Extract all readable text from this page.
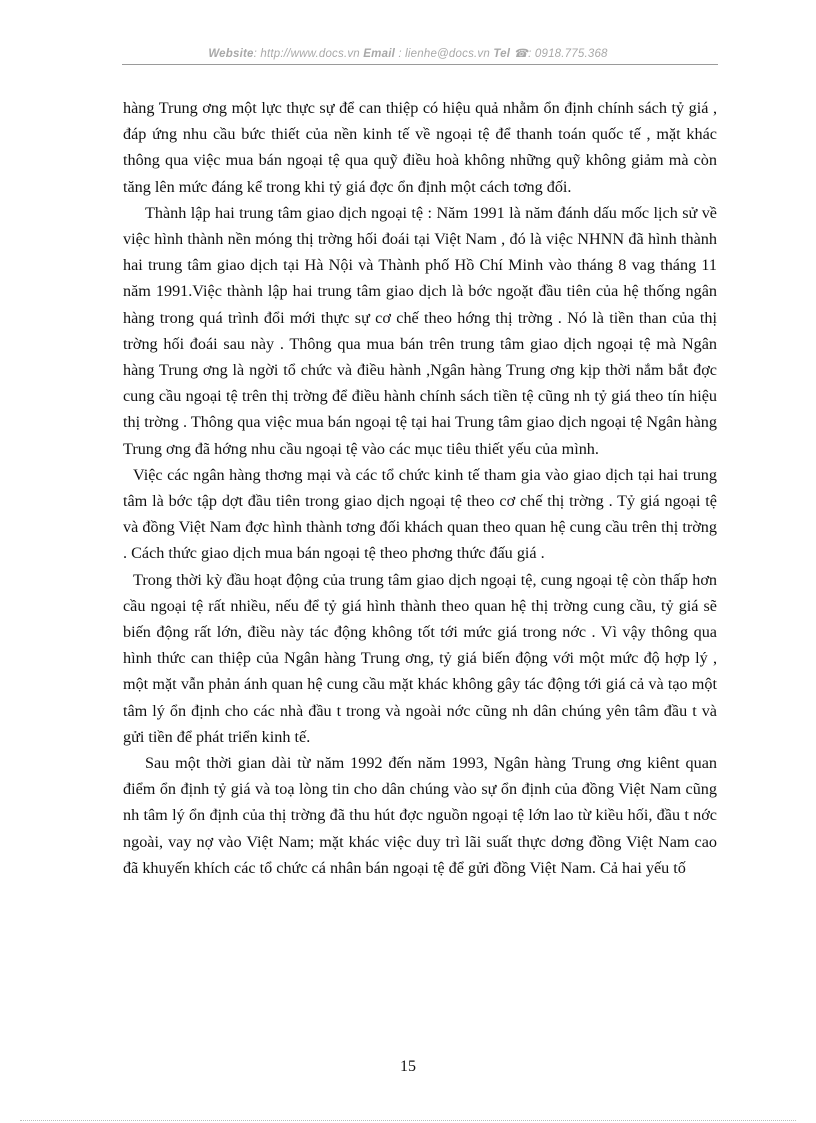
Website: http://www.docs.vn Email : lienhe@docs.vn Tel ☎: 0918.775.368

hàng Trung ơng một lực thực sự để can thiệp có hiệu quả nhằm ổn định chính sách tỷ giá , đáp ứng nhu cầu bức thiết của nền kinh tế về ngoại tệ để thanh toán quốc tế , mặt khác thông qua việc mua bán ngoại tệ qua quỹ điều hoà không những quỹ không giảm mà còn tăng lên mức đáng kể trong khi tỷ giá đợc ổn định một cách tơng đối.

Thành lập hai trung tâm giao dịch ngoại tệ : Năm 1991 là năm đánh dấu mốc lịch sử về việc hình thành nền móng thị trờng hối đoái tại Việt Nam , đó là việc NHNN đã hình thành hai trung tâm giao dịch tại Hà Nội và Thành phố Hồ Chí Minh vào tháng 8 vag tháng 11 năm 1991.Việc thành lập hai trung tâm giao dịch là bớc ngoặt đầu tiên của hệ thống ngân hàng trong quá trình đổi mới thực sự cơ chế theo hớng thị trờng . Nó là tiền than của thị trờng hối đoái sau này . Thông qua mua bán trên trung tâm giao dịch ngoại tệ mà Ngân hàng Trung ơng là ngời tổ chức và điều hành ,Ngân hàng Trung ơng kịp thời nắm bắt đợc cung cầu ngoại tệ trên thị trờng để điều hành chính sách tiền tệ cũng nh tỷ giá theo tín hiệu thị trờng . Thông qua việc mua bán ngoại tệ tại hai Trung tâm giao dịch ngoại tệ Ngân hàng Trung ơng đã hớng nhu cầu ngoại tệ vào các mục tiêu thiết yếu của mình.

Việc các ngân hàng thơng mại và các tổ chức kinh tế tham gia vào giao dịch tại hai trung tâm là bớc tập dợt đầu tiên trong giao dịch ngoại tệ theo cơ chế thị trờng . Tỷ giá ngoại tệ và đồng Việt Nam đợc hình thành tơng đối khách quan theo quan hệ cung cầu trên thị trờng . Cách thức giao dịch mua bán ngoại tệ theo phơng thức đấu giá .

Trong thời kỳ đầu hoạt động của trung tâm giao dịch ngoại tệ, cung ngoại tệ còn thấp hơn cầu ngoại tệ rất nhiều, nếu để tỷ giá hình thành theo quan hệ thị trờng cung cầu, tỷ giá sẽ biến động rất lớn, điều này tác động không tốt tới mức giá trong nớc . Vì vậy thông qua hình thức can thiệp của Ngân hàng Trung ơng, tỷ giá biến động với một mức độ hợp lý , một mặt vẫn phản ánh quan hệ cung cầu mặt khác không gây tác động tới giá cả và tạo một tâm lý ổn định cho các nhà đầu t trong và ngoài nớc cũng nh dân chúng yên tâm đầu t và gửi tiền để phát triển kinh tế.

Sau một thời gian dài từ năm 1992 đến năm 1993, Ngân hàng Trung ơng kiênt quan điểm ổn định tỷ giá và toạ lòng tin cho dân chúng vào sự ổn định của đồng Việt Nam cũng nh tâm lý ổn định của thị trờng đã thu hút đợc nguồn ngoại tệ lớn lao từ kiều hối, đầu t nớc ngoài, vay nợ vào Việt Nam; mặt khác việc duy trì lãi suất thực dơng đồng Việt Nam cao đã khuyến khích các tổ chức cá nhân bán ngoại tệ để gửi đồng Việt Nam. Cả hai yếu tố

15
